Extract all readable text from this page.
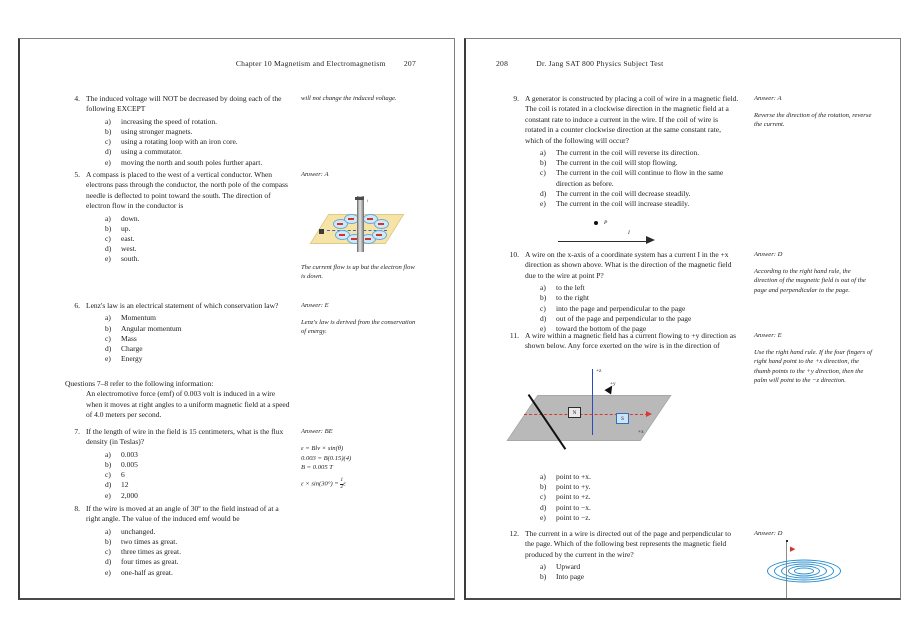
Chapter 10 Magnetism and Electromagnetism 207
4. The induced voltage will NOT be decreased by doing each of the following EXCEPT
a)	increasing the speed of rotation.
b)	using stronger magnets.
c)	using a rotating loop with an iron core.
d)	using a commutator.
e)	moving the north and south poles further apart.
will not change the induced voltage.
5. A compass is placed to the west of a vertical conductor. When electrons pass through the conductor, the north pole of the compass needle is deflected to point toward the south. The direction of electron flow in the conductor is
a)	down.
b)	up.
c)	east.
d)	west.
e)	south.
Answer: A
i
The current flow is up but the electron flow is down.
6. Lenz's law is an electrical statement of which conservation law?
a)	Momentum
b)	Angular momentum
c)	Mass
d)	Charge
e)	Energy
Answer: E
Lenz's law is derived from the conservation of energy.
Questions 7–8 refer to the following information:
An electromotive force (emf) of 0.003 volt is induced in a wire when it moves at right angles to a uniform magnetic field at a speed of 4.0 meters per second.
7. If the length of wire in the field is 15 centimeters, what is the flux density (in Teslas)?
a)	0.003
b)	0.005
c)	6
d)	12
e)	2,000
Answer: BE
ε = Blv × sin(θ)
0.003 = B(0.15)(4)
B = 0.005 T
$\varepsilon \times \sin(30^\circ) = \frac{1}{2}$ ε
8. If the wire is moved at an angle of 30º to the field instead of at a right angle. The value of the induced emf would be
a)	unchanged.
b)	two times as great.
c)	three times as great.
d)	four times as great.
e)	one-half as great.
208	Dr. Jang SAT 800 Physics Subject Test
9. A generator is constructed by placing a coil of wire in a magnetic field. The coil is rotated in a clockwise direction in the magnetic field at a constant rate to induce a current in the wire. If the coil of wire is rotated in a counter clockwise direction at the same constant rate, which of the following will occur?
a)	The current in the coil will reverse its direction.
b)	The current in the coil will stop flowing.
c)	The current in the coil will continue to flow in the same direction as before.
d)	The current in the coil will decrease steadily.
e)	The current in the coil will increase steadily.
Answer: A
Reverse the direction of the rotation, reverse the current.
P
I
10. A wire on the x-axis of a coordinate system has a current I in the +x direction as shown above. What is the direction of the magnetic field due to the wire at point P?
a)	to the left
b)	to the right
c)	into the page and perpendicular to the page
d)	out of the page and perpendicular to the page
e)	toward the bottom of the page
Answer: D
According to the right hand rule, the direction of the magnetic field is out of the page and perpendicular to the page.
11. A wire within a magnetic field has a current flowing to +y direction as shown below. Any force exerted on the wire is in the direction of
Answer: E
Use the right hand rule. If the four fingers of right hand point to the +x direction, the thumb points to the +y direction, then the palm will point to the −z direction.
+z
+x
+y
N
S
a)	point to +x.
b)	point to +y.
c)	point to +z.
d)	point to −x.
e)	point to −z.
12. The current in a wire is directed out of the page and perpendicular to the page. Which of the following best represents the magnetic field produced by the current in the wire?
a)	Upward
b)	Into page
Answer: D
▶
